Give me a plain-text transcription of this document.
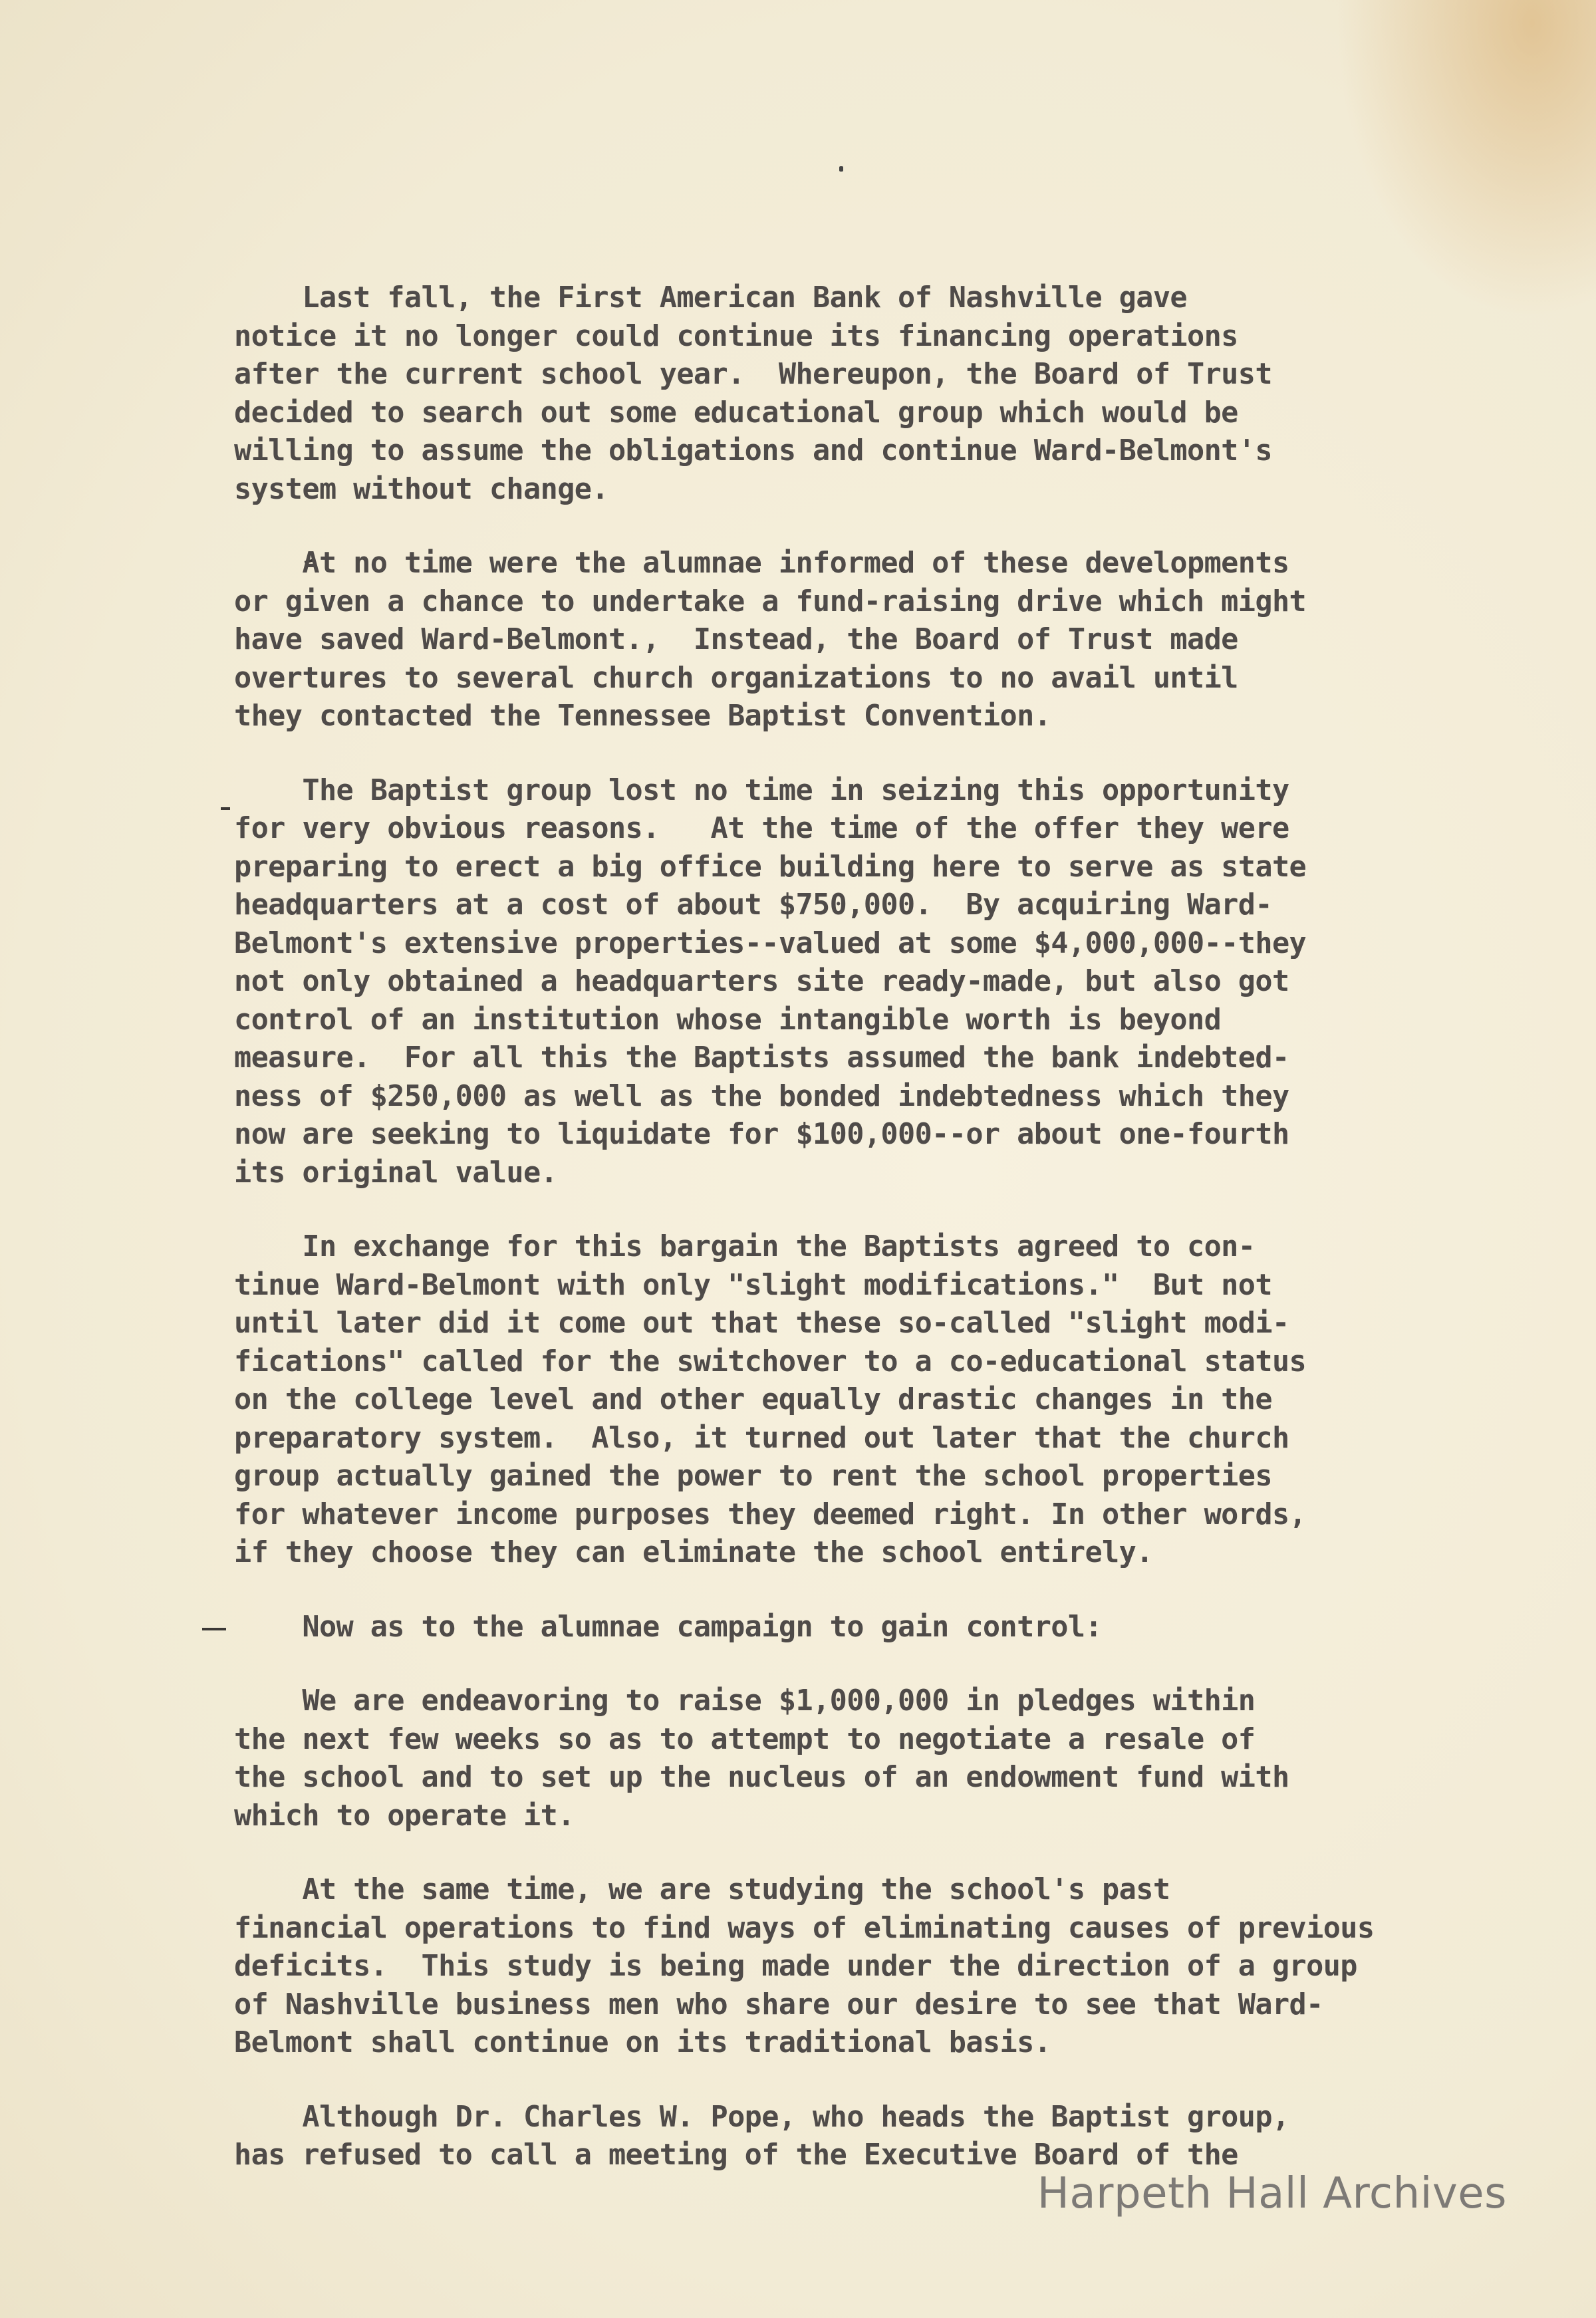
Last fall, the First American Bank of Nashville gave
notice it no longer could continue its financing operations
after the current school year.  Whereupon, the Board of Trust
decided to search out some educational group which would be
willing to assume the obligations and continue Ward-Belmont's
system without change.
At no time were the alumnae informed of these developments
or given a chance to undertake a fund-raising drive which might
have saved Ward-Belmont.,  Instead, the Board of Trust made
overtures to several church organizations to no avail until
they contacted the Tennessee Baptist Convention.
The Baptist group lost no time in seizing this opportunity
for very obvious reasons.   At the time of the offer they were
preparing to erect a big office building here to serve as state
headquarters at a cost of about $750,000.  By acquiring Ward-
Belmont's extensive properties--valued at some $4,000,000--they
not only obtained a headquarters site ready-made, but also got
control of an institution whose intangible worth is beyond
measure.  For all this the Baptists assumed the bank indebted-
ness of $250,000 as well as the bonded indebtedness which they
now are seeking to liquidate for $100,000--or about one-fourth
its original value.
In exchange for this bargain the Baptists agreed to con-
tinue Ward-Belmont with only "slight modifications."  But not
until later did it come out that these so-called "slight modi-
fications" called for the switchover to a co-educational status
on the college level and other equally drastic changes in the
preparatory system.  Also, it turned out later that the church
group actually gained the power to rent the school properties
for whatever income purposes they deemed right. In other words,
if they choose they can eliminate the school entirely.
Now as to the alumnae campaign to gain control:
We are endeavoring to raise $1,000,000 in pledges within
the next few weeks so as to attempt to negotiate a resale of
the school and to set up the nucleus of an endowment fund with
which to operate it.
At the same time, we are studying the school's past
financial operations to find ways of eliminating causes of previous
deficits.  This study is being made under the direction of a group
of Nashville business men who share our desire to see that Ward-
Belmont shall continue on its traditional basis.
Although Dr. Charles W. Pope, who heads the Baptist group,
has refused to call a meeting of the Executive Board of the
Harpeth Hall Archives
